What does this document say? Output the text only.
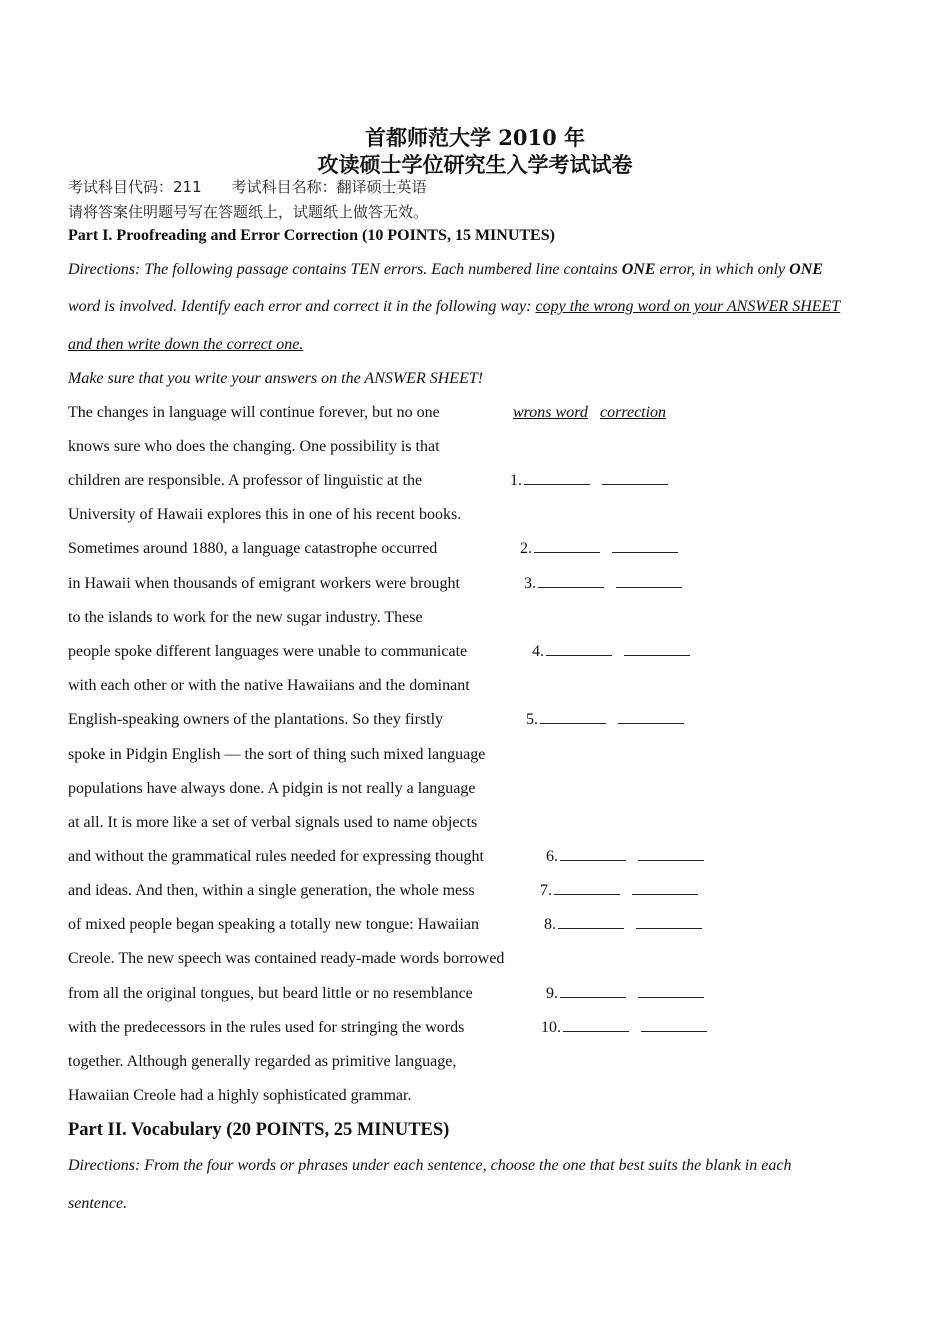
首都师范大学 2010 年
攻读硕士学位研究生入学考试试卷
考试科目代码：211 考试科目名称：翻译硕士英语
请将答案住明题号写在答题纸上，试题纸上做答无效。
Part I. Proofreading and Error Correction (10 POINTS, 15 MINUTES)
Directions: The following passage contains TEN errors. Each numbered line contains ONE error, in which only ONE
word is involved. Identify each error and correct it in the following way: copy the wrong word on your ANSWER SHEET
and then write down the correct one.
Make sure that you write your answers on the ANSWER SHEET!
wrons word correction
The changes in language will continue forever, but no one
knows sure who does the changing. One possibility is that
children are responsible. A professor of linguistic at the
University of Hawaii explores this in one of his recent books.
Sometimes around 1880, a language catastrophe occurred
in Hawaii when thousands of emigrant workers were brought
to the islands to work for the new sugar industry. These
people spoke different languages were unable to communicate
with each other or with the native Hawaiians and the dominant
English-speaking owners of the plantations. So they firstly
spoke in Pidgin English — the sort of thing such mixed language
populations have always done. A pidgin is not really a language
at all. It is more like a set of verbal signals used to name objects
and without the grammatical rules needed for expressing thought
and ideas. And then, within a single generation, the whole mess
of mixed people began speaking a totally new tongue: Hawaiian
Creole. The new speech was contained ready-made words borrowed
from all the original tongues, but beard little or no resemblance
with the predecessors in the rules used for stringing the words
together. Although generally regarded as primitive language,
Hawaiian Creole had a highly sophisticated grammar.
1.
2.
3.
4.
5.
6.
7.
8.
9.
10.
Part II. Vocabulary (20 POINTS, 25 MINUTES)
Directions: From the four words or phrases under each sentence, choose the one that best suits the blank in each
sentence.
